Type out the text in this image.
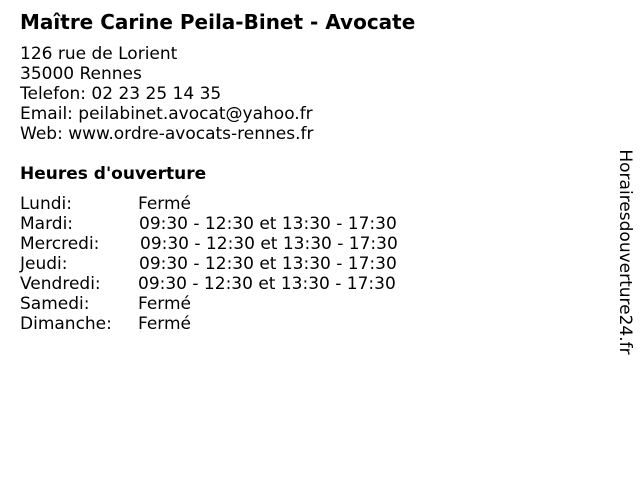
Maître Carine Peila-Binet - Avocate
126 rue de Lorient
35000 Rennes
Telefon: 02 23 25 14 35
Email: peilabinet.avocat@yahoo.fr
Web: www.ordre-avocats-rennes.fr
Heures d'ouverture
Lundi:	Fermé
Mardi:	09:30 - 12:30 et 13:30 - 17:30
Mercredi: 09:30 - 12:30 et 13:30 - 17:30
Jeudi:	09:30 - 12:30 et 13:30 - 17:30
Vendredi: 09:30 - 12:30 et 13:30 - 17:30
Samedi:	Fermé
Dimanche: Fermé	Horairesdouverture24.fr
